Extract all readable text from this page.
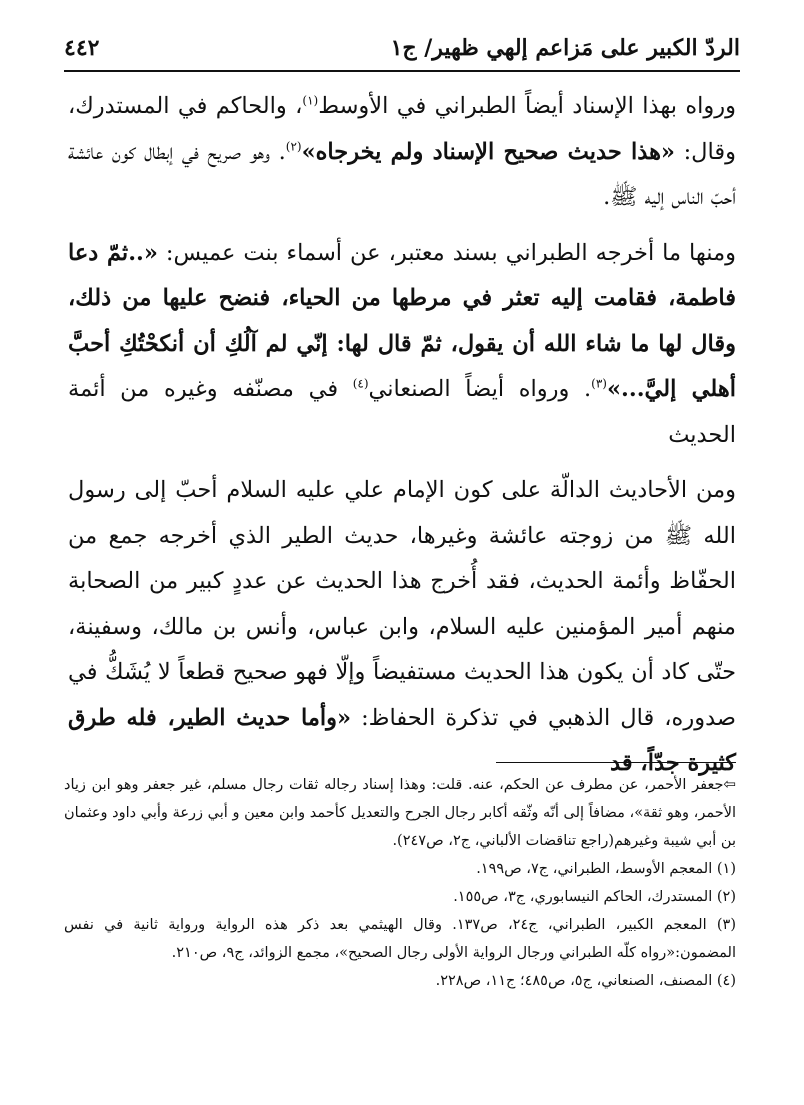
الردّ الكبير على مَزاعم إلهي ظهير/ ج١
٤٤٢

ورواه بهذا الإسناد أيضاً الطبراني في الأوسط$^{(١)}$، والحاكم في المستدرك، وقال: «هذا حديث صحيح الإسناد ولم يخرجاه»$^{(٢)}$. وهو صريح في إبطال كون عائشة أحبّ الناس إليه ﷺ.

ومنها ما أخرجه الطبراني بسند معتبر، عن أسماء بنت عميس: «..ثمّ دعا فاطمة، فقامت إليه تعثر في مرطها من الحياء، فنضح عليها من ذلك، وقال لها ما شاء الله أن يقول، ثمّ قال لها: إنّي لم آلُكِ أن أنكحْتُكِ أحبَّ أهلي إليَّ...»$^{(٣)}$. ورواه أيضاً الصنعاني$^{(٤)}$ في مصنّفه وغيره من أئمة الحديث

ومن الأحاديث الدالّة على كون الإمام علي عليه السلام أحبّ إلى رسول الله ﷺ من زوجته عائشة وغيرها، حديث الطير الذي أخرجه جمع من الحفّاظ وأئمة الحديث، فقد أُخرج هذا الحديث عن عددٍ كبير من الصحابة منهم أمير المؤمنين عليه السلام، وابن عباس، وأنس بن مالك، وسفينة، حتّى كاد أن يكون هذا الحديث مستفيضاً وإلّا فهو صحيح قطعاً لا يُشَكُّ في صدوره، قال الذهبي في تذكرة الحفاظ: «وأما حديث الطير، فله طرق كثيرة جدّاً، قد

⇦جعفر الأحمر، عن مطرف عن الحكم، عنه. قلت: وهذا إسناد رجاله ثقات رجال مسلم، غير جعفر وهو ابن زياد الأحمر، وهو ثقة»، مضافاً إلى أنّه وثّقه أكابر رجال الجرح والتعديل كأحمد وابن معين و أبي زرعة وأبي داود وعثمان بن أبي شيبة وغيرهم(راجع تناقضات الألباني، ج٢، ص٢٤٧).

(١) المعجم الأوسط، الطبراني، ج٧، ص١٩٩.

(٢) المستدرك، الحاكم النيسابوري، ج٣، ص١٥٥.

(٣) المعجم الكبير، الطبراني، ج٢٤، ص١٣٧. وقال الهيثمي بعد ذكر هذه الرواية ورواية ثانية في نفس المضمون:«رواه كلّه الطبراني ورجال الرواية الأولى رجال الصحيح»، مجمع الزوائد، ج٩، ص٢١٠.

(٤) المصنف، الصنعاني، ج٥، ص٤٨٥؛ ج١١، ص٢٢٨.
